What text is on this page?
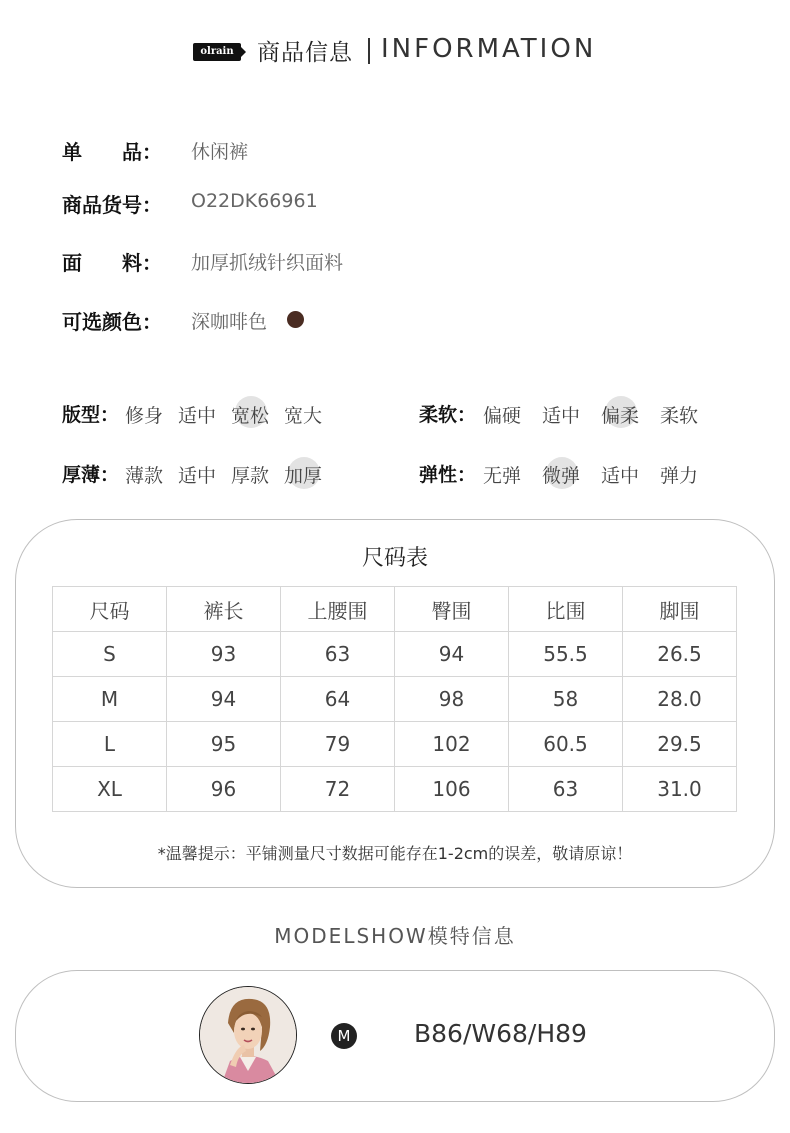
olrain	商品信息 INFORMATION
单　　品： 休闲裤
商品货号： O22DK66961
面　　料： 加厚抓绒针织面料
可选颜色： 深咖啡色
版型： 修身 适中 宽松 宽大
厚薄： 薄款 适中 厚款 加厚
柔软： 偏硬 适中 偏柔 柔软
弹性： 无弹 微弹 适中 弹力
尺码表
尺码	裤长	上腰围	臀围	比围	脚围
S	93	63	94	55.5	26.5
M	94	64	98	58	28.0
L	95	79	102	60.5	29.5
XL	96	72	106	63	31.0
*温馨提示：平铺测量尺寸数据可能存在1-2cm的误差，敬请原谅！
MODELSHOW模特信息
M	B86/W68/H89
